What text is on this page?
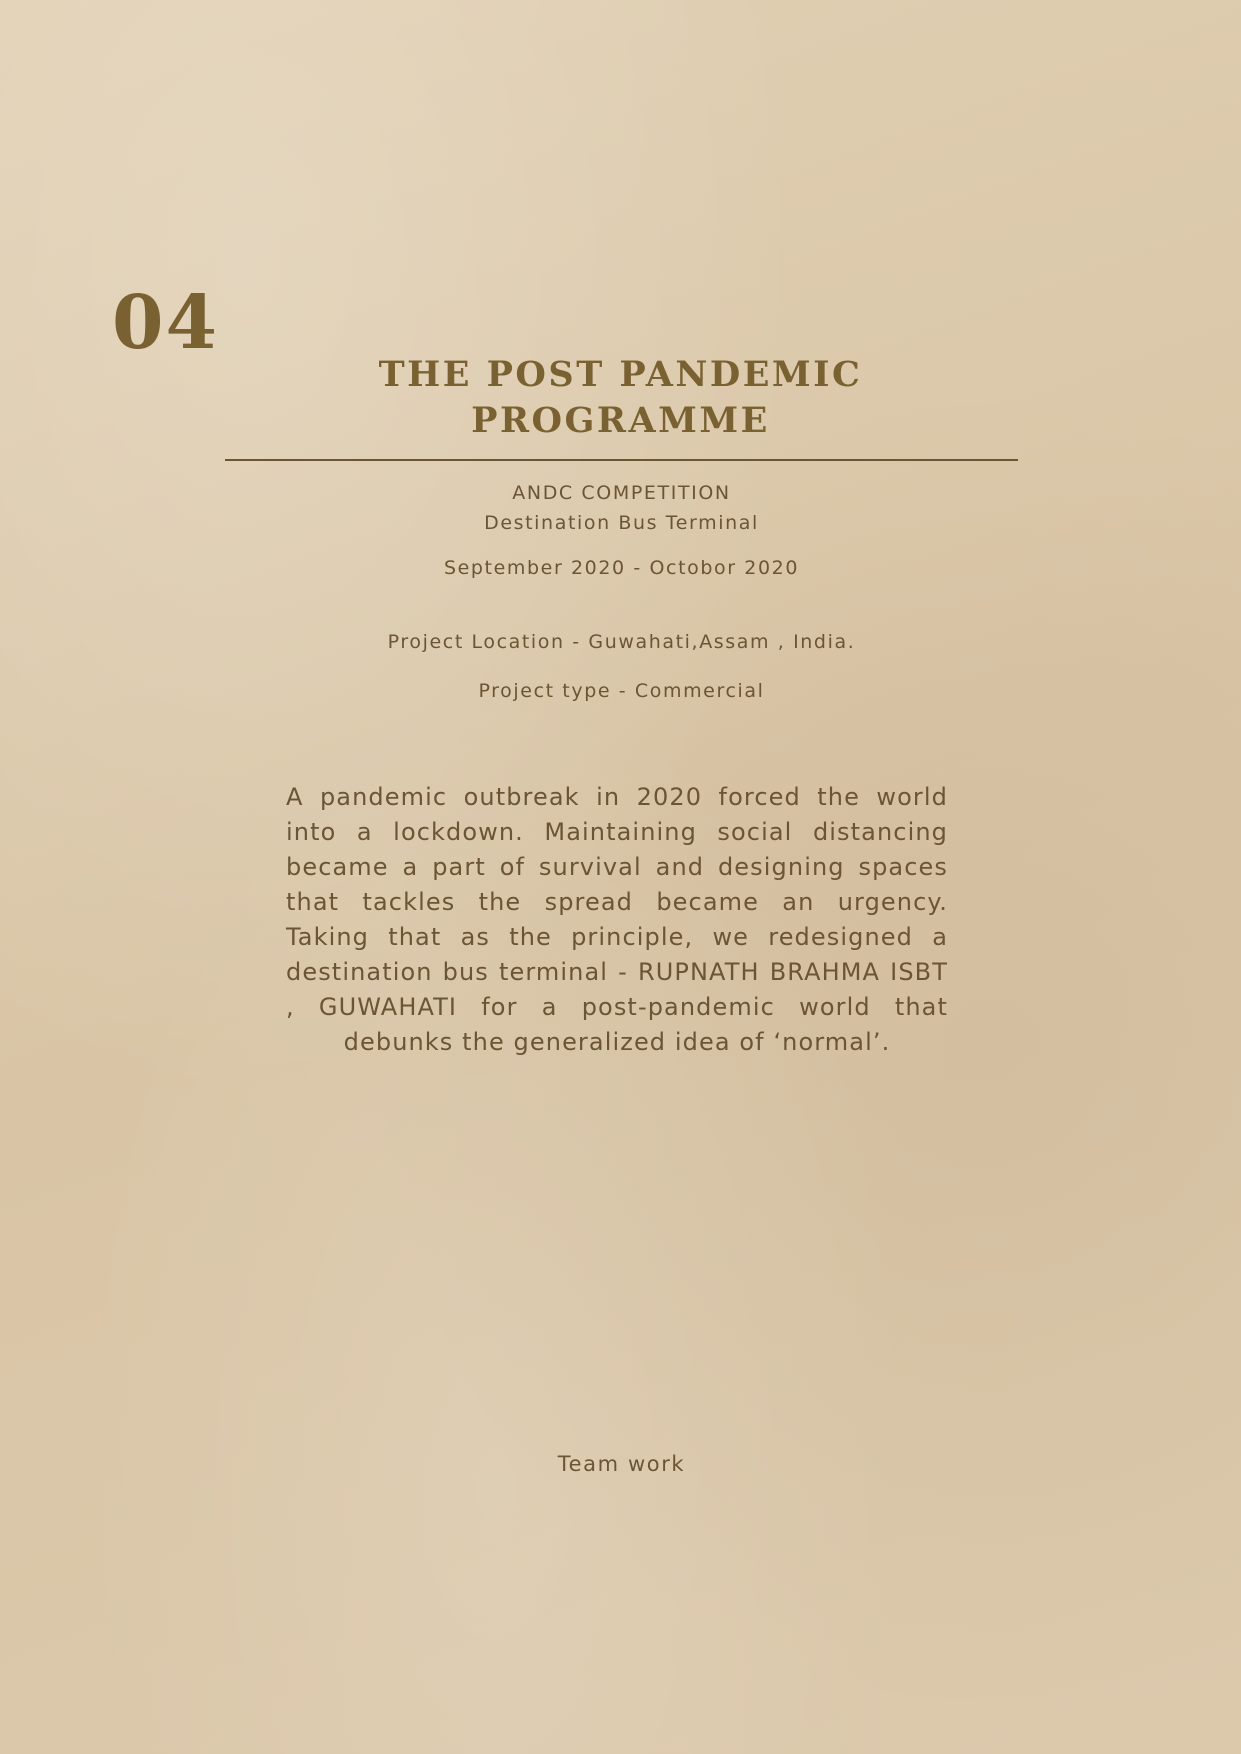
04
THE POST PANDEMIC
PROGRAMME

ANDC COMPETITION
Destination Bus Terminal

September 2020 - Octobor 2020

Project Location - Guwahati,Assam , India.

Project type - Commercial

A pandemic outbreak in 2020 forced the world into a lockdown. Maintaining social distancing became a part of survival and designing spaces that tackles the spread became an urgency. Taking that as the principle, we redesigned a destination bus terminal - RUPNATH BRAHMA ISBT , GUWAHATI for a post-pandemic world that debunks the generalized idea of ‘normal’.

Team work
